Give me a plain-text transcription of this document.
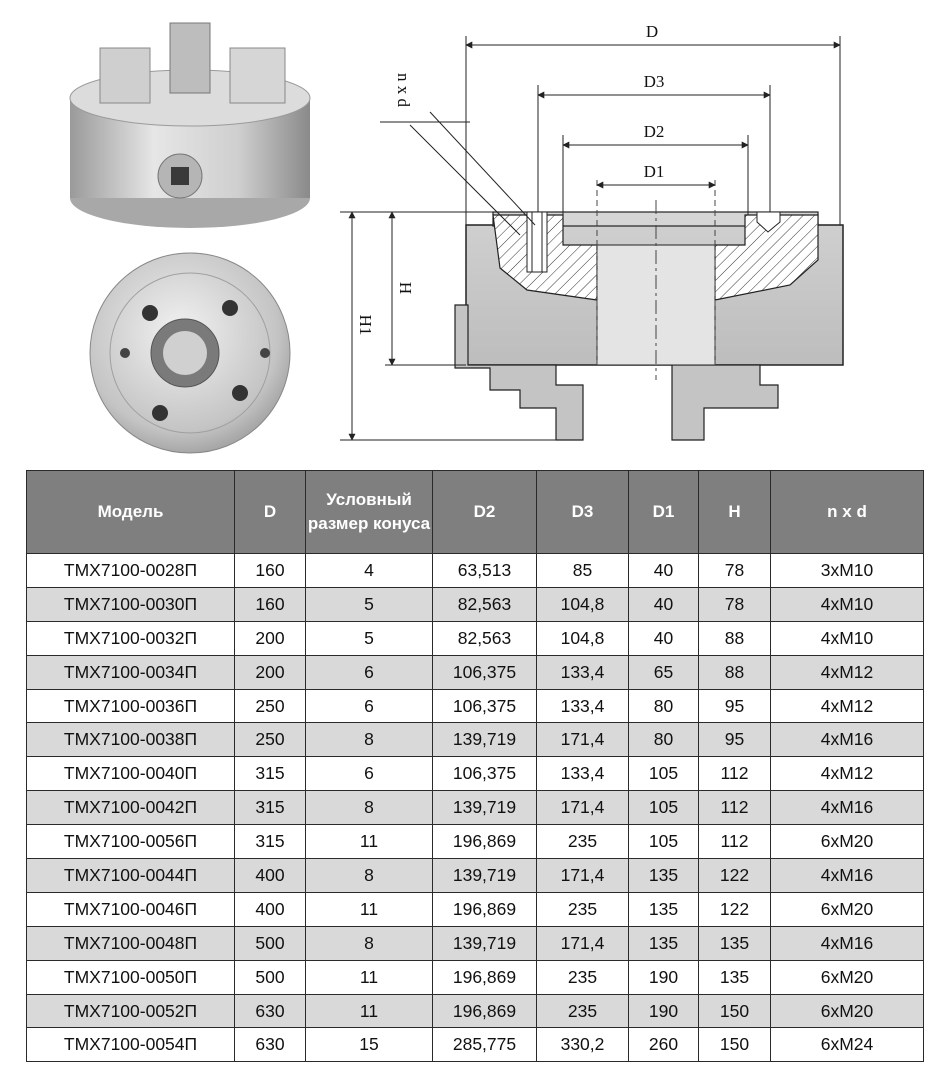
D
D3
D2
D1
n x d
H
H1
Модель	D	Условный размер конуса	D2	D3	D1	H	n x d
TMX7100-0028П	160	4	63,513	85	40	78	3xM10
TMX7100-0030П	160	5	82,563	104,8	40	78	4xM10
TMX7100-0032П	200	5	82,563	104,8	40	88	4xM10
TMX7100-0034П	200	6	106,375	133,4	65	88	4xM12
TMX7100-0036П	250	6	106,375	133,4	80	95	4xM12
TMX7100-0038П	250	8	139,719	171,4	80	95	4xM16
TMX7100-0040П	315	6	106,375	133,4	105	112	4xM12
TMX7100-0042П	315	8	139,719	171,4	105	112	4xM16
TMX7100-0056П	315	11	196,869	235	105	112	6xM20
TMX7100-0044П	400	8	139,719	171,4	135	122	4xM16
TMX7100-0046П	400	11	196,869	235	135	122	6xM20
TMX7100-0048П	500	8	139,719	171,4	135	135	4xM16
TMX7100-0050П	500	11	196,869	235	190	135	6xM20
TMX7100-0052П	630	11	196,869	235	190	150	6xM20
TMX7100-0054П	630	15	285,775	330,2	260	150	6xM24
